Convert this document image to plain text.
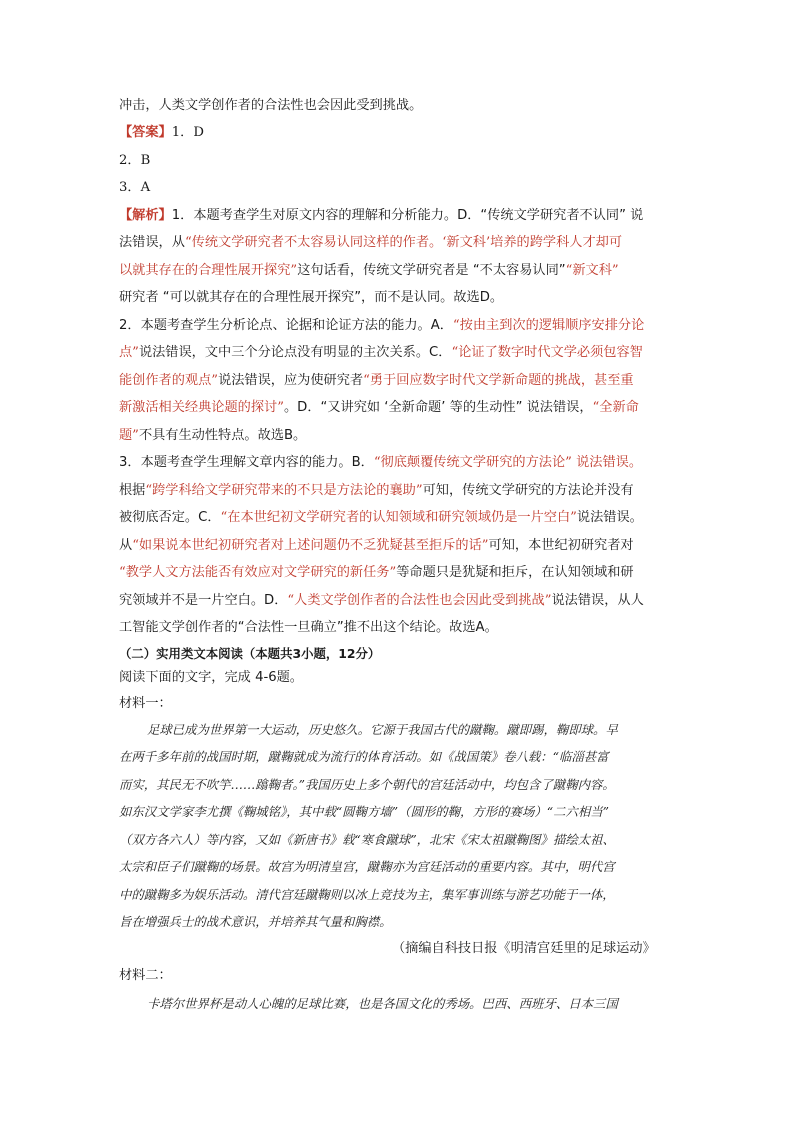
冲击，人类文学创作者的合法性也会因此受到挑战。
【答案】1．D
2．B
3．A
【解析】1．本题考查学生对原文内容的理解和分析能力。D．“传统文学研究者不认同” 说
法错误，从“传统文学研究者不太容易认同这样的作者。‘新文科’培养的跨学科人才却可
以就其存在的合理性展开探究”这句话看，传统文学研究者是 “不太容易认同”“新文科”
研究者 “可以就其存在的合理性展开探究”，而不是认同。故选D。
2．本题考查学生分析论点、论据和论证方法的能力。A．“按由主到次的逻辑顺序安排分论
点”说法错误，文中三个分论点没有明显的主次关系。C．“论证了数字时代文学必须包容智
能创作者的观点”说法错误，应为使研究者“勇于回应数字时代文学新命题的挑战，甚至重
新激活相关经典论题的探讨”。D．“又讲究如 ‘全新命题’ 等的生动性” 说法错误，“全新命
题”不具有生动性特点。故选B。
3．本题考查学生理解文章内容的能力。B．“彻底颠覆传统文学研究的方法论” 说法错误。
根据“跨学科给文学研究带来的不只是方法论的襄助”可知，传统文学研究的方法论并没有
被彻底否定。C．“在本世纪初文学研究者的认知领域和研究领域仍是一片空白”说法错误。
从“如果说本世纪初研究者对上述问题仍不乏犹疑甚至拒斥的话”可知，本世纪初研究者对
“教学人文方法能否有效应对文学研究的新任务”等命题只是犹疑和拒斥，在认知领域和研
究领域并不是一片空白。D．“人类文学创作者的合法性也会因此受到挑战”说法错误，从人
工智能文学创作者的“合法性一旦确立”推不出这个结论。故选A。
（二）实用类文本阅读（本题共3小题，12分）
阅读下面的文字，完成 4-6题。
材料一：
足球已成为世界第一大运动，历史悠久。它源于我国古代的蹴鞠。蹴即踢，鞠即球。早
在两千多年前的战国时期，蹴鞠就成为流行的体育活动。如《战国策》卷八载：“临淄甚富
而实，其民无不吹竽……蹹鞠者。”我国历史上多个朝代的宫廷活动中，均包含了蹴鞠内容。
如东汉文学家李尤撰《鞠城铭》，其中载“圆鞠方墙”（圆形的鞠，方形的赛场）“二六相当”
（双方各六人）等内容，又如《新唐书》载“寒食蹴球”，北宋《宋太祖蹴鞠图》描绘太祖、
太宗和臣子们蹴鞠的场景。故宫为明清皇宫，蹴鞠亦为宫廷活动的重要内容。其中，明代宫
中的蹴鞠多为娱乐活动。清代宫廷蹴鞠则以冰上竞技为主，集军事训练与游艺功能于一体，
旨在增强兵士的战术意识，并培养其气量和胸襟。
（摘编自科技日报《明清宫廷里的足球运动》
材料二：
卡塔尔世界杯是动人心魄的足球比赛，也是各国文化的秀场。巴西、西班牙、日本三国
